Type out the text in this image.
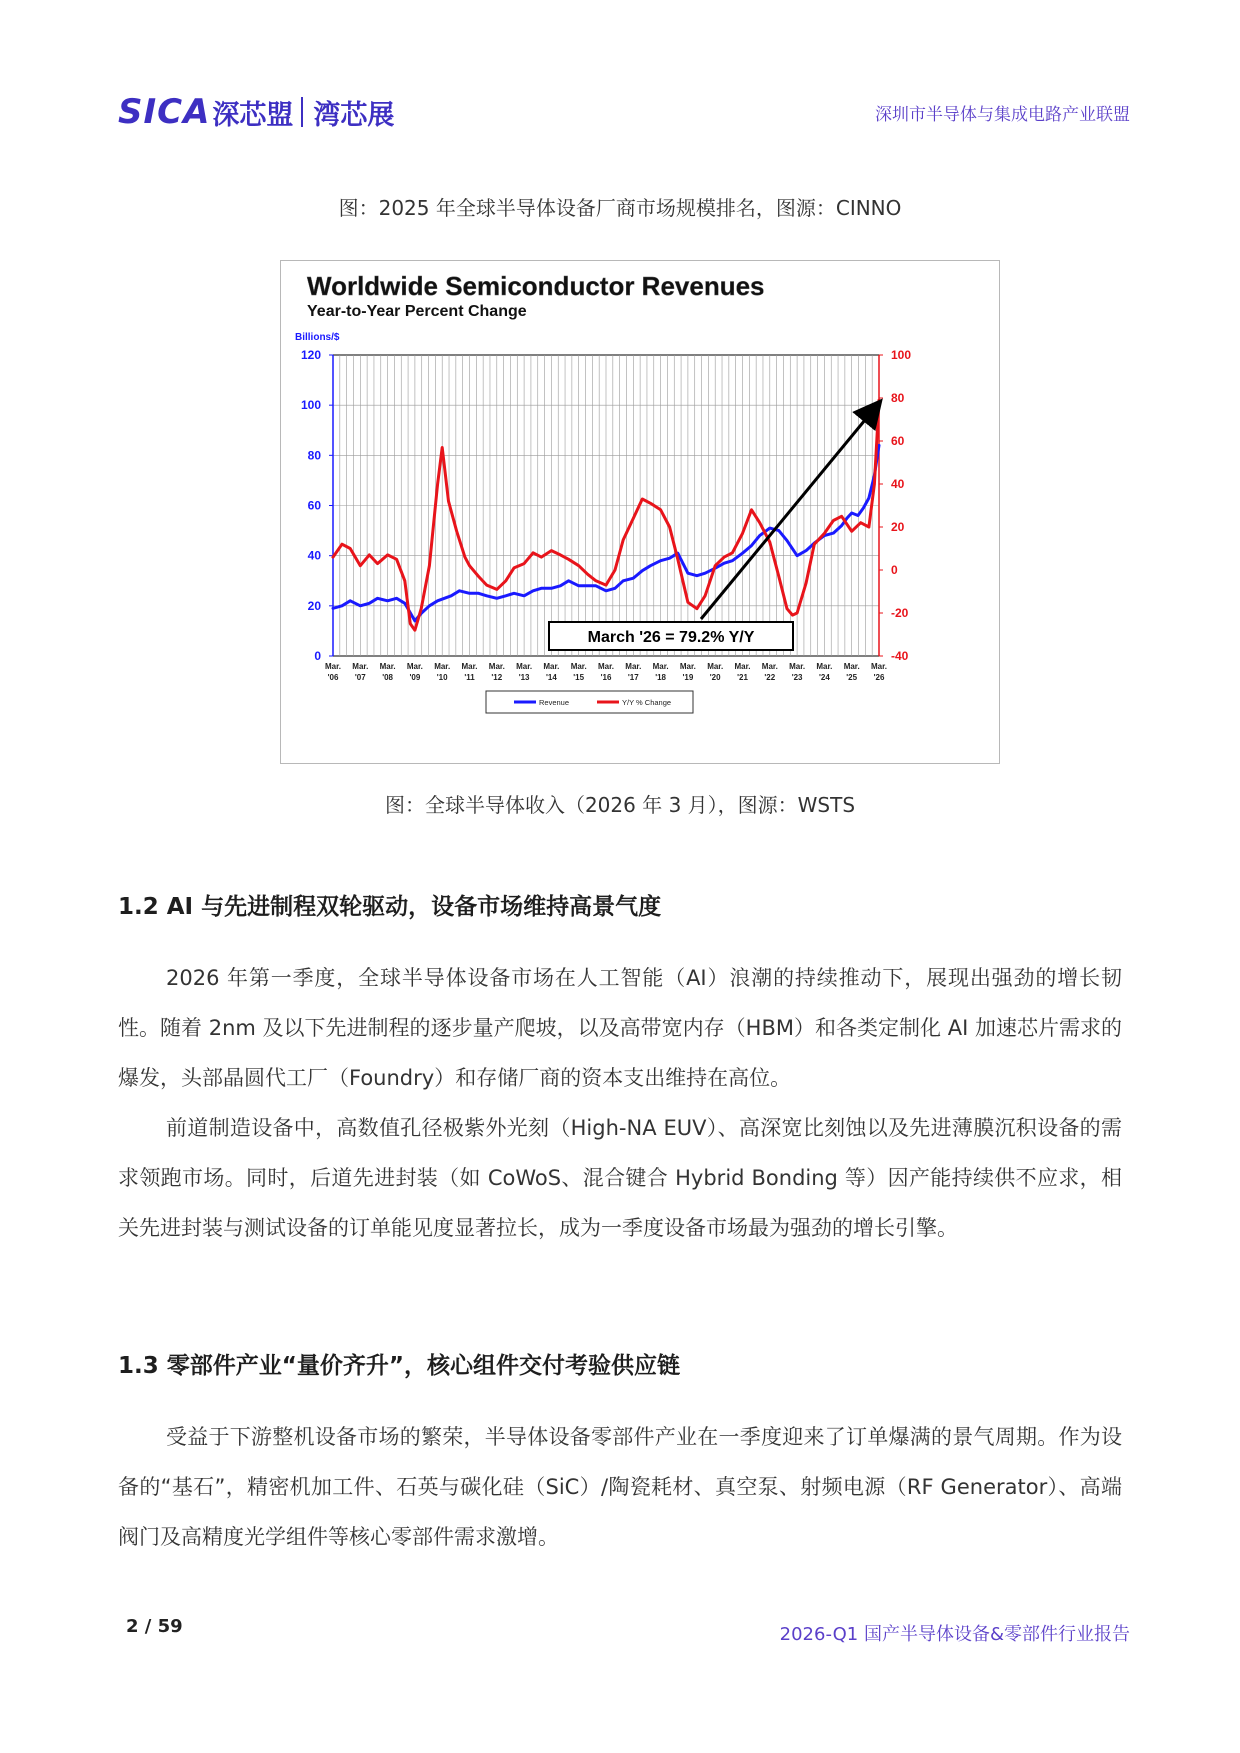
SICA 深芯盟 湾芯展	深圳市半导体与集成电路产业联盟
图：2025 年全球半导体设备厂商市场规模排名，图源：CINNO
Worldwide Semiconductor Revenues
Year-to-Year Percent Change
Billions/$
0
20
40
60
80
100
120
-40
-20
0
20
40
60
80
100
Mar.
'06
Mar.
'07
Mar.
'08
Mar.
'09
Mar.
'10
Mar.
'11
Mar.
'12
Mar.
'13
Mar.
'14
Mar.
'15
Mar.
'16
Mar.
'17
Mar.
'18
Mar.
'19
Mar.
'20
Mar.
'21
Mar.
'22
Mar.
'23
Mar.
'24
Mar.
'25
Mar.
'26
March '26 = 79.2% Y/Y
Revenue	Y/Y % Change
图：全球半导体收入（2026 年 3 月），图源：WSTS
1.2 AI 与先进制程双轮驱动，设备市场维持高景气度
2026 年第一季度，全球半导体设备市场在人工智能（AI）浪潮的持续推动下，展现出强劲的增长韧性。随着 2nm 及以下先进制程的逐步量产爬坡，以及高带宽内存（HBM）和各类定制化 AI 加速芯片需求的爆发，头部晶圆代工厂（Foundry）和存储厂商的资本支出维持在高位。
前道制造设备中，高数值孔径极紫外光刻（High-NA EUV）、高深宽比刻蚀以及先进薄膜沉积设备的需求领跑市场。同时，后道先进封装（如 CoWoS、混合键合 Hybrid Bonding 等）因产能持续供不应求，相关先进封装与测试设备的订单能见度显著拉长，成为一季度设备市场最为强劲的增长引擎。
1.3 零部件产业“量价齐升”，核心组件交付考验供应链
受益于下游整机设备市场的繁荣，半导体设备零部件产业在一季度迎来了订单爆满的景气周期。作为设备的“基石”，精密机加工件、石英与碳化硅（SiC）/陶瓷耗材、真空泵、射频电源（RF Generator）、高端阀门及高精度光学组件等核心零部件需求激增。
2 / 59	2026-Q1 国产半导体设备&零部件行业报告
